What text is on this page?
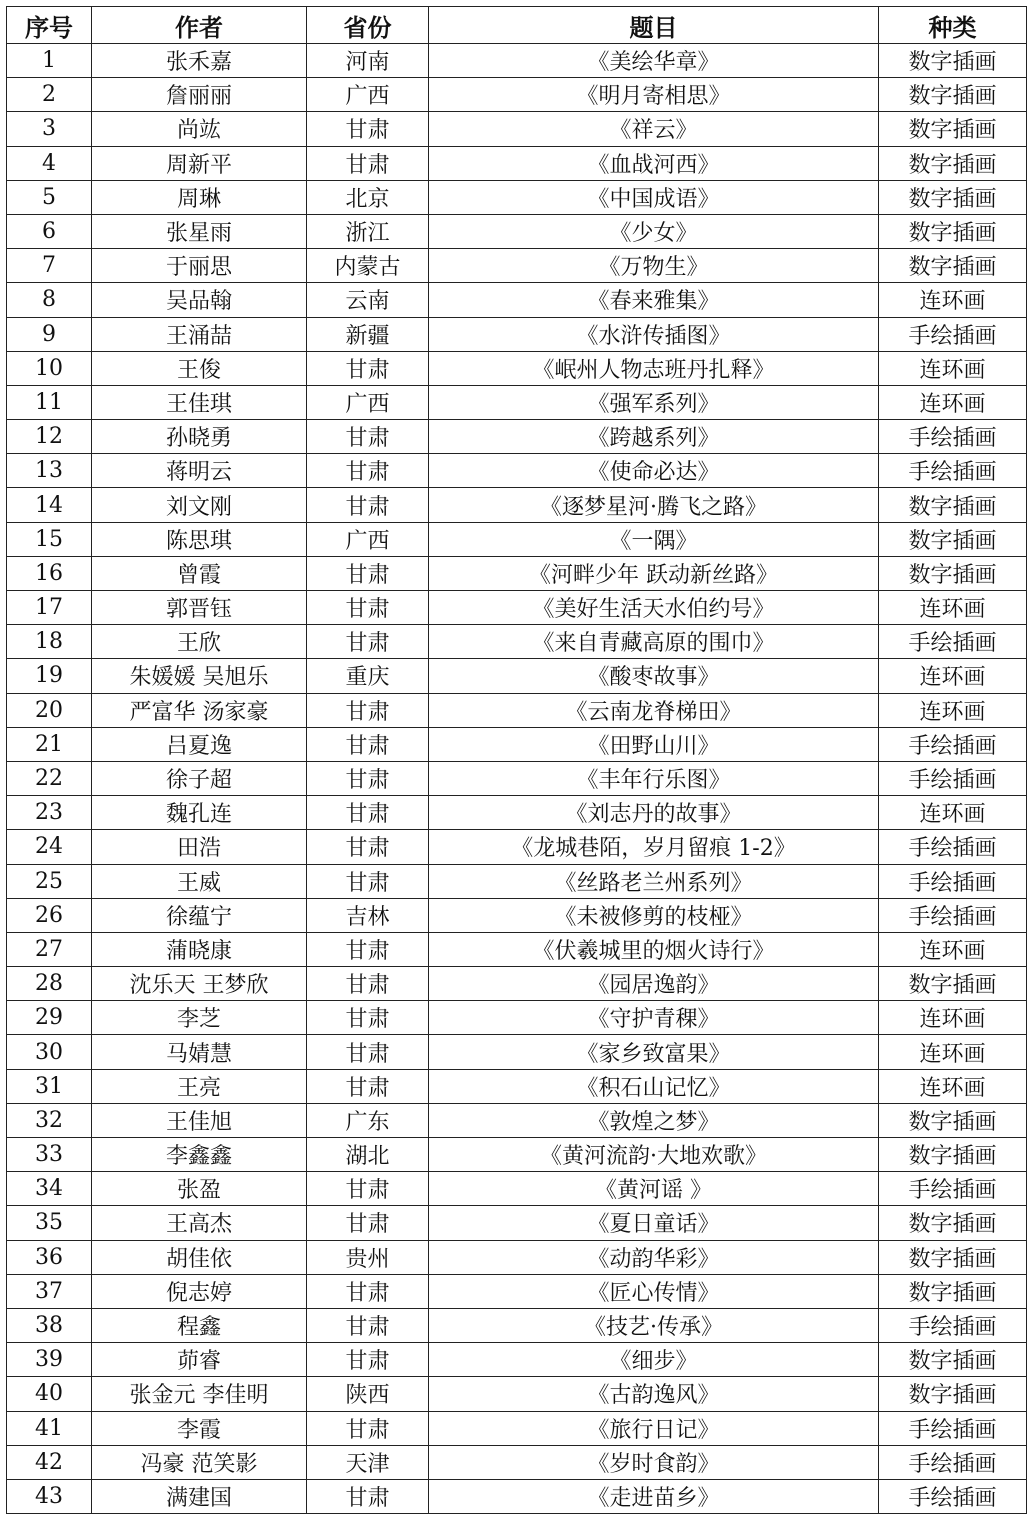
序号	作者	省份	题目	种类
1	张禾嘉	河南	《美绘华章》	数字插画
2	詹丽丽	广西	《明月寄相思》	数字插画
3	尚竑	甘肃	《祥云》	数字插画
4	周新平	甘肃	《血战河西》	数字插画
5	周琳	北京	《中国成语》	数字插画
6	张星雨	浙江	《少女》	数字插画
7	于丽思	内蒙古	《万物生》	数字插画
8	吴品翰	云南	《春来雅集》	连环画
9	王涌喆	新疆	《水浒传插图》	手绘插画
10	王俊	甘肃	《岷州人物志班丹扎释》	连环画
11	王佳琪	广西	《强军系列》	连环画
12	孙晓勇	甘肃	《跨越系列》	手绘插画
13	蒋明云	甘肃	《使命必达》	手绘插画
14	刘文刚	甘肃	《逐梦星河·腾飞之路》	数字插画
15	陈思琪	广西	《一隅》	数字插画
16	曾霞	甘肃	《河畔少年 跃动新丝路》	数字插画
17	郭晋钰	甘肃	《美好生活天水伯约号》	连环画
18	王欣	甘肃	《来自青藏高原的围巾》	手绘插画
19	朱媛媛 吴旭乐	重庆	《酸枣故事》	连环画
20	严富华 汤家豪	甘肃	《云南龙脊梯田》	连环画
21	吕夏逸	甘肃	《田野山川》	手绘插画
22	徐子超	甘肃	《丰年行乐图》	手绘插画
23	魏孔连	甘肃	《刘志丹的故事》	连环画
24	田浩	甘肃	《龙城巷陌，岁月留痕 1-2》	手绘插画
25	王威	甘肃	《丝路老兰州系列》	手绘插画
26	徐蕴宁	吉林	《未被修剪的枝桠》	手绘插画
27	蒲晓康	甘肃	《伏羲城里的烟火诗行》	连环画
28	沈乐天 王梦欣	甘肃	《园居逸韵》	数字插画
29	李芝	甘肃	《守护青稞》	连环画
30	马婧慧	甘肃	《家乡致富果》	连环画
31	王亮	甘肃	《积石山记忆》	连环画
32	王佳旭	广东	《敦煌之梦》	数字插画
33	李鑫鑫	湖北	《黄河流韵·大地欢歌》	数字插画
34	张盈	甘肃	《黄河谣 》	手绘插画
35	王高杰	甘肃	《夏日童话》	数字插画
36	胡佳依	贵州	《动韵华彩》	数字插画
37	倪志婷	甘肃	《匠心传情》	数字插画
38	程鑫	甘肃	《技艺·传承》	手绘插画
39	茆睿	甘肃	《细步》	数字插画
40	张金元 李佳明	陕西	《古韵逸风》	数字插画
41	李霞	甘肃	《旅行日记》	手绘插画
42	冯豪 范笑影	天津	《岁时食韵》	手绘插画
43	满建国	甘肃	《走进苗乡》	手绘插画
